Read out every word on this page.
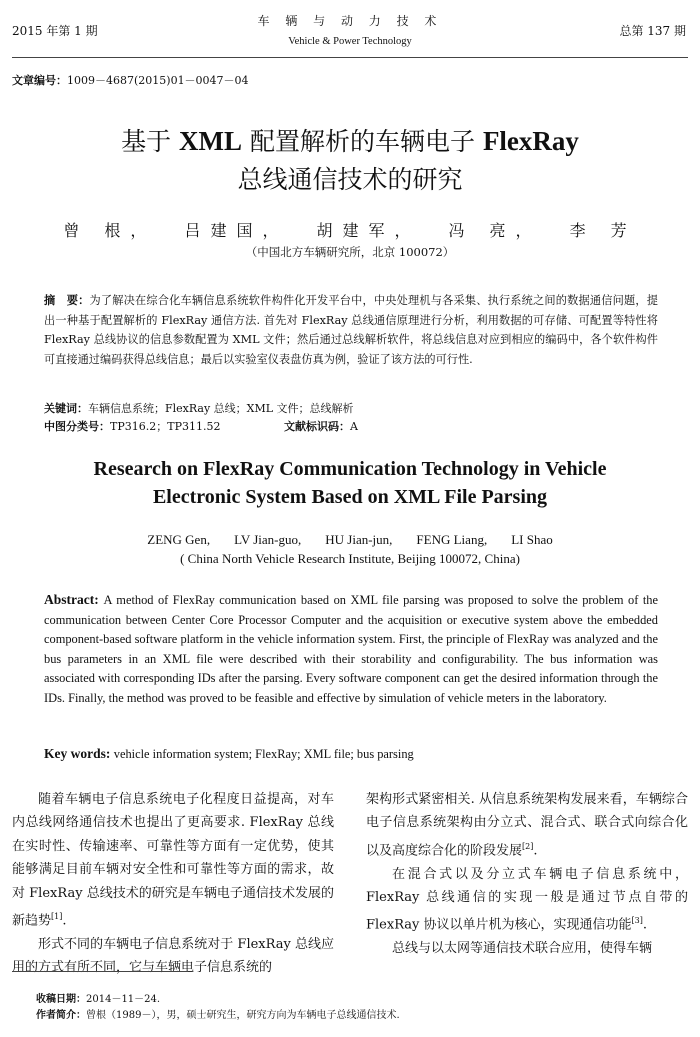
2015 年第 1 期
车 辆 与 动 力 技 术
Vehicle & Power Technology
总第 137 期
文章编号：1009－4687(2015)01－0047－04
基于 XML 配置解析的车辆电子 FlexRay
总线通信技术的研究
曾 根， 吕建国， 胡建军， 冯 亮， 李 芳
（中国北方车辆研究所，北京 100072）
摘　要：为了解决在综合化车辆信息系统软件构件化开发平台中，中央处理机与各采集、执行系统之间的数据通信问题，提出一种基于配置解析的 FlexRay 通信方法. 首先对 FlexRay 总线通信原理进行分析，利用数据的可存储、可配置等特性将 FlexRay 总线协议的信息参数配置为 XML 文件；然后通过总线解析软件，将总线信息对应到相应的编码中，各个软件构件可直接通过编码获得总线信息；最后以实验室仪表盘仿真为例，验证了该方法的可行性.
关键词：车辆信息系统；FlexRay 总线；XML 文件；总线解析
中图分类号：TP316.2；TP311.52	文献标识码：A
Research on FlexRay Communication Technology in Vehicle
Electronic System Based on XML File Parsing
ZENG Gen, LV Jian-guo, HU Jian-jun, FENG Liang, LI Shao
( China North Vehicle Research Institute, Beijing 100072, China)
Abstract: A method of FlexRay communication based on XML file parsing was proposed to solve the problem of the communication between Center Core Processor Computer and the acquisition or executive system above the embedded component-based software platform in the vehicle information system. First, the principle of FlexRay was analyzed and the bus parameters in an XML file were described with their storability and configurability. The bus information was associated with corresponding IDs after the parsing. Every software component can get the desired information through the IDs. Finally, the method was proved to be feasible and effective by simulation of vehicle meters in the laboratory.
Key words: vehicle information system; FlexRay; XML file; bus parsing

随着车辆电子信息系统电子化程度日益提高，对车内总线网络通信技术也提出了更高要求. FlexRay 总线在实时性、传输速率、可靠性等方面有一定优势，使其能够满足目前车辆对安全性和可靠性等方面的需求，故对 FlexRay 总线技术的研究是车辆电子通信技术发展的新趋势[1].

形式不同的车辆电子信息系统对于 FlexRay 总线应用的方式有所不同，它与车辆电子信息系统的

架构形式紧密相关. 从信息系统架构发展来看，车辆综合电子信息系统架构由分立式、混合式、联合式向综合化以及高度综合化的阶段发展[2].

在混合式以及分立式车辆电子信息系统中，FlexRay 总线通信的实现一般是通过节点自带的 FlexRay 协议以单片机为核心，实现通信功能[3].

总线与以太网等通信技术联合应用，使得车辆

收稿日期：2014－11－24.
作者简介：曾根（1989－），男，硕士研究生，研究方向为车辆电子总线通信技术.
